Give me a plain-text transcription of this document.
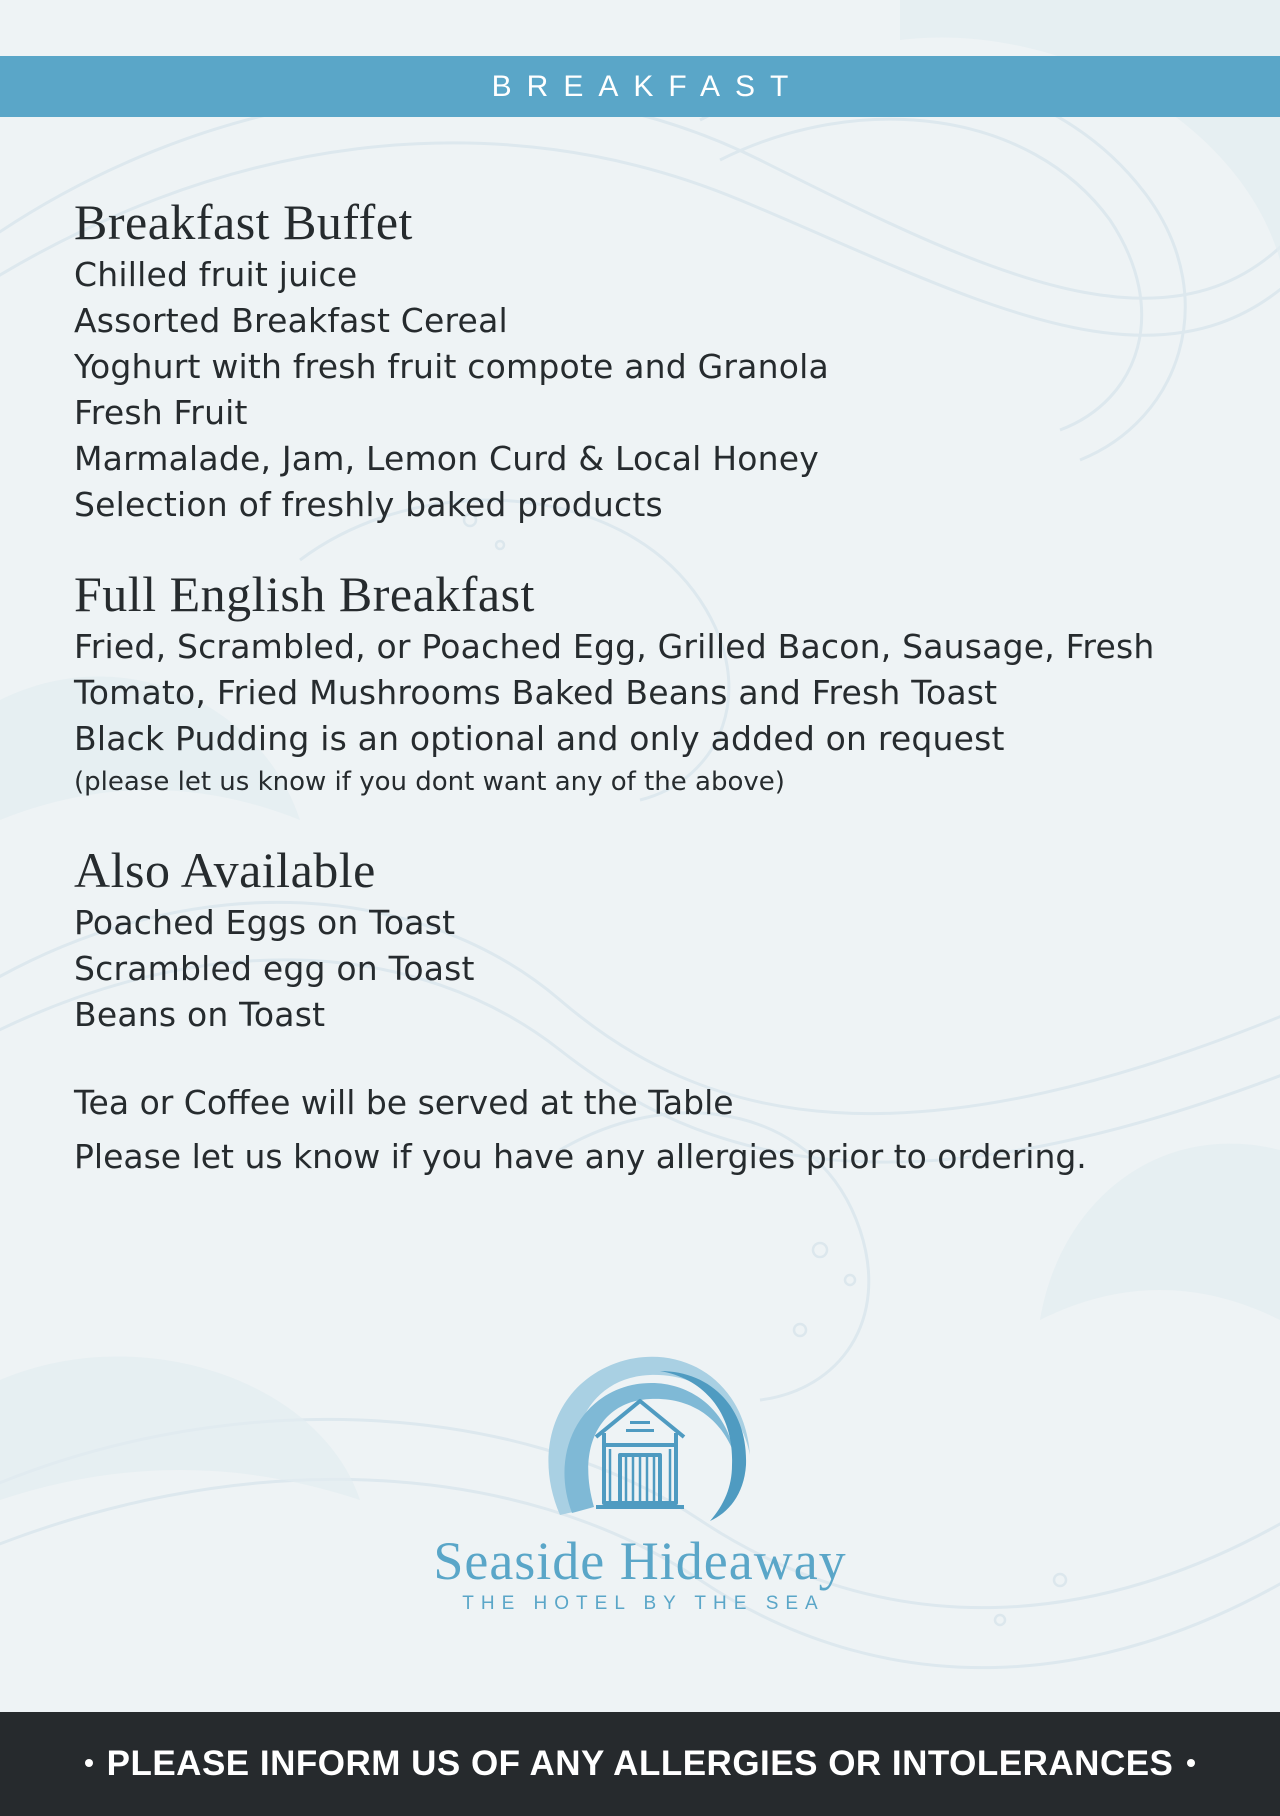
BREAKFAST
Breakfast Buffet

Chilled fruit juice

Assorted Breakfast Cereal

Yoghurt with fresh fruit compote and Granola

Fresh Fruit

Marmalade, Jam, Lemon Curd & Local Honey

Selection of freshly baked products

Full English Breakfast

Fried, Scrambled, or Poached Egg, Grilled Bacon, Sausage, Fresh Tomato, Fried Mushrooms Baked Beans and Fresh Toast

Black Pudding is an optional and only added on request

(please let us know if you dont want any of the above)

Also Available

Poached Eggs on Toast

Scrambled egg on Toast

Beans on Toast

Tea or Coffee will be served at the Table

Please let us know if you have any allergies prior to ordering.

Seaside Hideaway
THE HOTEL BY THE SEA
PLEASE INFORM US OF ANY ALLERGIES OR INTOLERANCES
